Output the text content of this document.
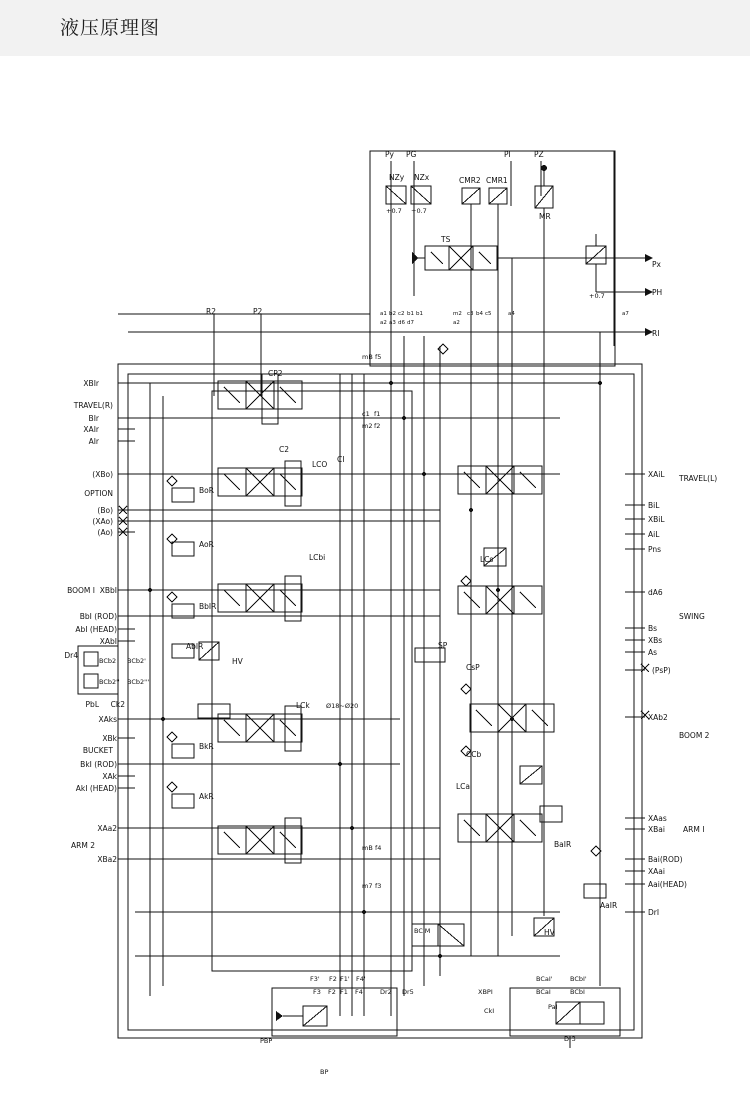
液压原理图
Py PG	PI	PZ
NZy NZx
+0.7 +0.7
CMR2 CMR1
MR
TS
+0.7
Px
PH
RI
XAiL TRAVEL(L)
BiL
XBiL
AiL
Pns
dA6
SWING
Bs
XBs
As
(PsP)
XAb2
BOOM 2
XAas
XBai ARM I
Bai(ROD)
XAai
Aai(HEAD)
DrI
XBIr
TRAVEL(R)
BIr
XAIr
AIr
(XBo)
OPTION
(Bo)
(XAo)
(Ao)
BOOM I XBbI
BbI (ROD)
AbI (HEAD)
XAbI
Dr4
PbL Ck2
XAks
XBk
BUCKET
BkI (ROD)
XAk
AkI (HEAD)
XAa2
ARM 2
XBa2
R2	P2
mB f5
CP2
c1 f1
m2 f2
C2
CI
LCO
BoR
AoR
LCbi	LCs
BbIR
AbIR
HV
BCb2 BCb2'
BCb2'' BCb2'''
SP
CsP
LCk Ø18~Ø20
BkR
CCb
AkR
LCaI
BaIR
AaIR
mB f4
m7 f3
BCIM	HV
a1 b2 c2 b1 b1
a2 a3 d6 d7
m2 c3 b4 c5
a2
a4	a7
F3' F2 F1' F4'
F3 F2 F1 F4	Dr2 Dr5	XBPI
CkI
BCaI'	BCbI'
BCaI	BCbI
PaI
Dr3
PBP
BP
